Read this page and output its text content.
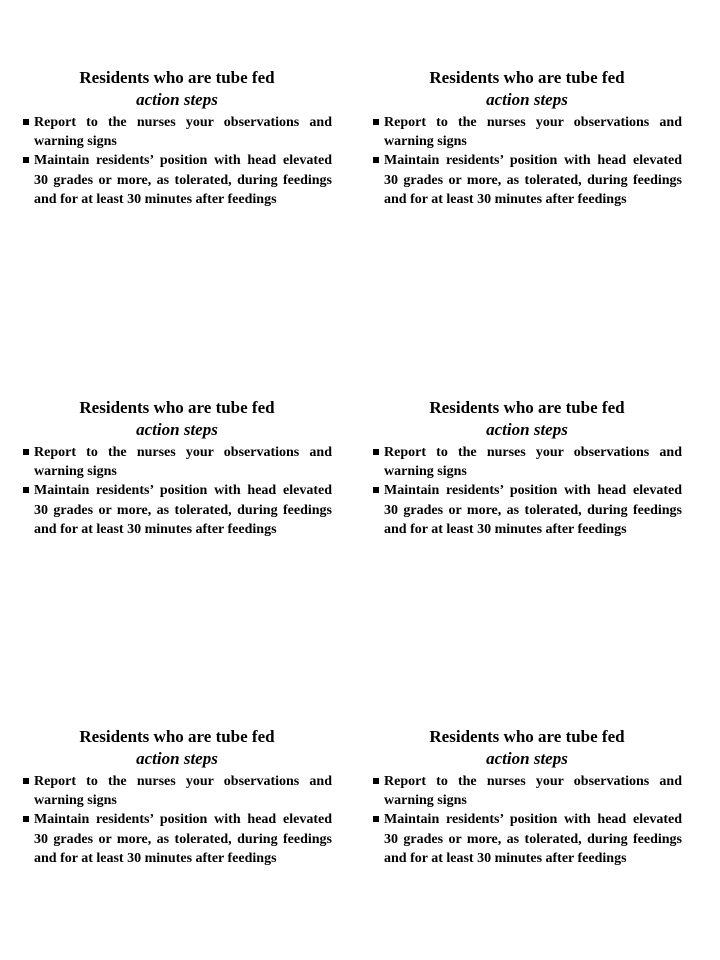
Residents who are tube fed

action steps

Report to the nurses your observations and warning signs
Maintain residents’ position with head elevated 30 grades or more, as tolerated, during feedings and for at least 30 minutes after feedings

Residents who are tube fed

action steps

Report to the nurses your observations and warning signs
Maintain residents’ position with head elevated 30 grades or more, as tolerated, during feedings and for at least 30 minutes after feedings

Residents who are tube fed

action steps

Report to the nurses your observations and warning signs
Maintain residents’ position with head elevated 30 grades or more, as tolerated, during feedings and for at least 30 minutes after feedings

Residents who are tube fed

action steps

Report to the nurses your observations and warning signs
Maintain residents’ position with head elevated 30 grades or more, as tolerated, during feedings and for at least 30 minutes after feedings

Residents who are tube fed

action steps

Report to the nurses your observations and warning signs
Maintain residents’ position with head elevated 30 grades or more, as tolerated, during feedings and for at least 30 minutes after feedings

Residents who are tube fed

action steps

Report to the nurses your observations and warning signs
Maintain residents’ position with head elevated 30 grades or more, as tolerated, during feedings and for at least 30 minutes after feedings
